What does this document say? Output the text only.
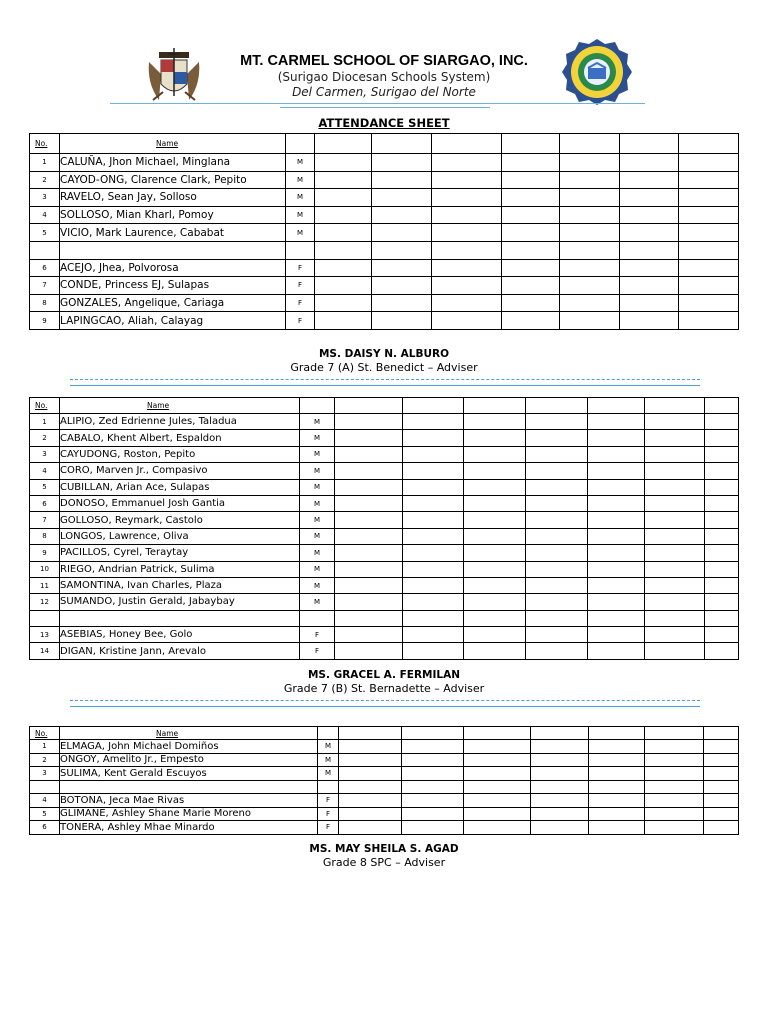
MT. CARMEL SCHOOL OF SIARGAO, INC.
(Surigao Diocesan Schools System)
Del Carmen, Surigao del Norte
ATTENDANCE SHEET
No.	Name								
1	CALUÑA, Jhon Michael, Minglana	M							
2	CAYOD-ONG, Clarence Clark, Pepito	M							
3	RAVELO, Sean Jay, Solloso	M							
4	SOLLOSO, Mian Kharl, Pomoy	M							
5	VICIO, Mark Laurence, Cababat	M							

6	ACEJO, Jhea, Polvorosa	F							
7	CONDE, Princess EJ, Sulapas	F							
8	GONZALES, Angelique, Cariaga	F							
9	LAPINGCAO, Aliah, Calayag	F							
MS. DAISY N. ALBURO
Grade 7 (A) St. Benedict – Adviser
No.	Name								
1	ALIPIO, Zed Edrienne Jules, Taladua	M							
2	CABALO, Khent Albert, Espaldon	M							
3	CAYUDONG, Roston, Pepito	M							
4	CORO, Marven Jr., Compasivo	M							
5	CUBILLAN, Arian Ace, Sulapas	M							
6	DONOSO, Emmanuel Josh Gantia	M							
7	GOLLOSO, Reymark, Castolo	M							
8	LONGOS, Lawrence, Oliva	M							
9	PACILLOS, Cyrel, Teraytay	M							
10	RIEGO, Andrian Patrick, Sulima	M							
11	SAMONTINA, Ivan Charles, Plaza	M							
12	SUMANDO, Justin Gerald, Jabaybay	M							

13	ASEBIAS, Honey Bee, Golo	F							
14	DIGAN, Kristine Jann, Arevalo	F							
MS. GRACEL A. FERMILAN
Grade 7 (B) St. Bernadette – Adviser
No.	Name								
1	ELMAGA, John Michael Domiños	M							
2	ONGOY, Amelito Jr., Empesto	M							
3	SULIMA, Kent Gerald Escuyos	M							

4	BOTONA, Jeca Mae Rivas	F							
5	GLIMANE, Ashley Shane Marie Moreno	F							
6	TONERA, Ashley Mhae Minardo	F							
MS. MAY SHEILA S. AGAD
Grade 8 SPC – Adviser
